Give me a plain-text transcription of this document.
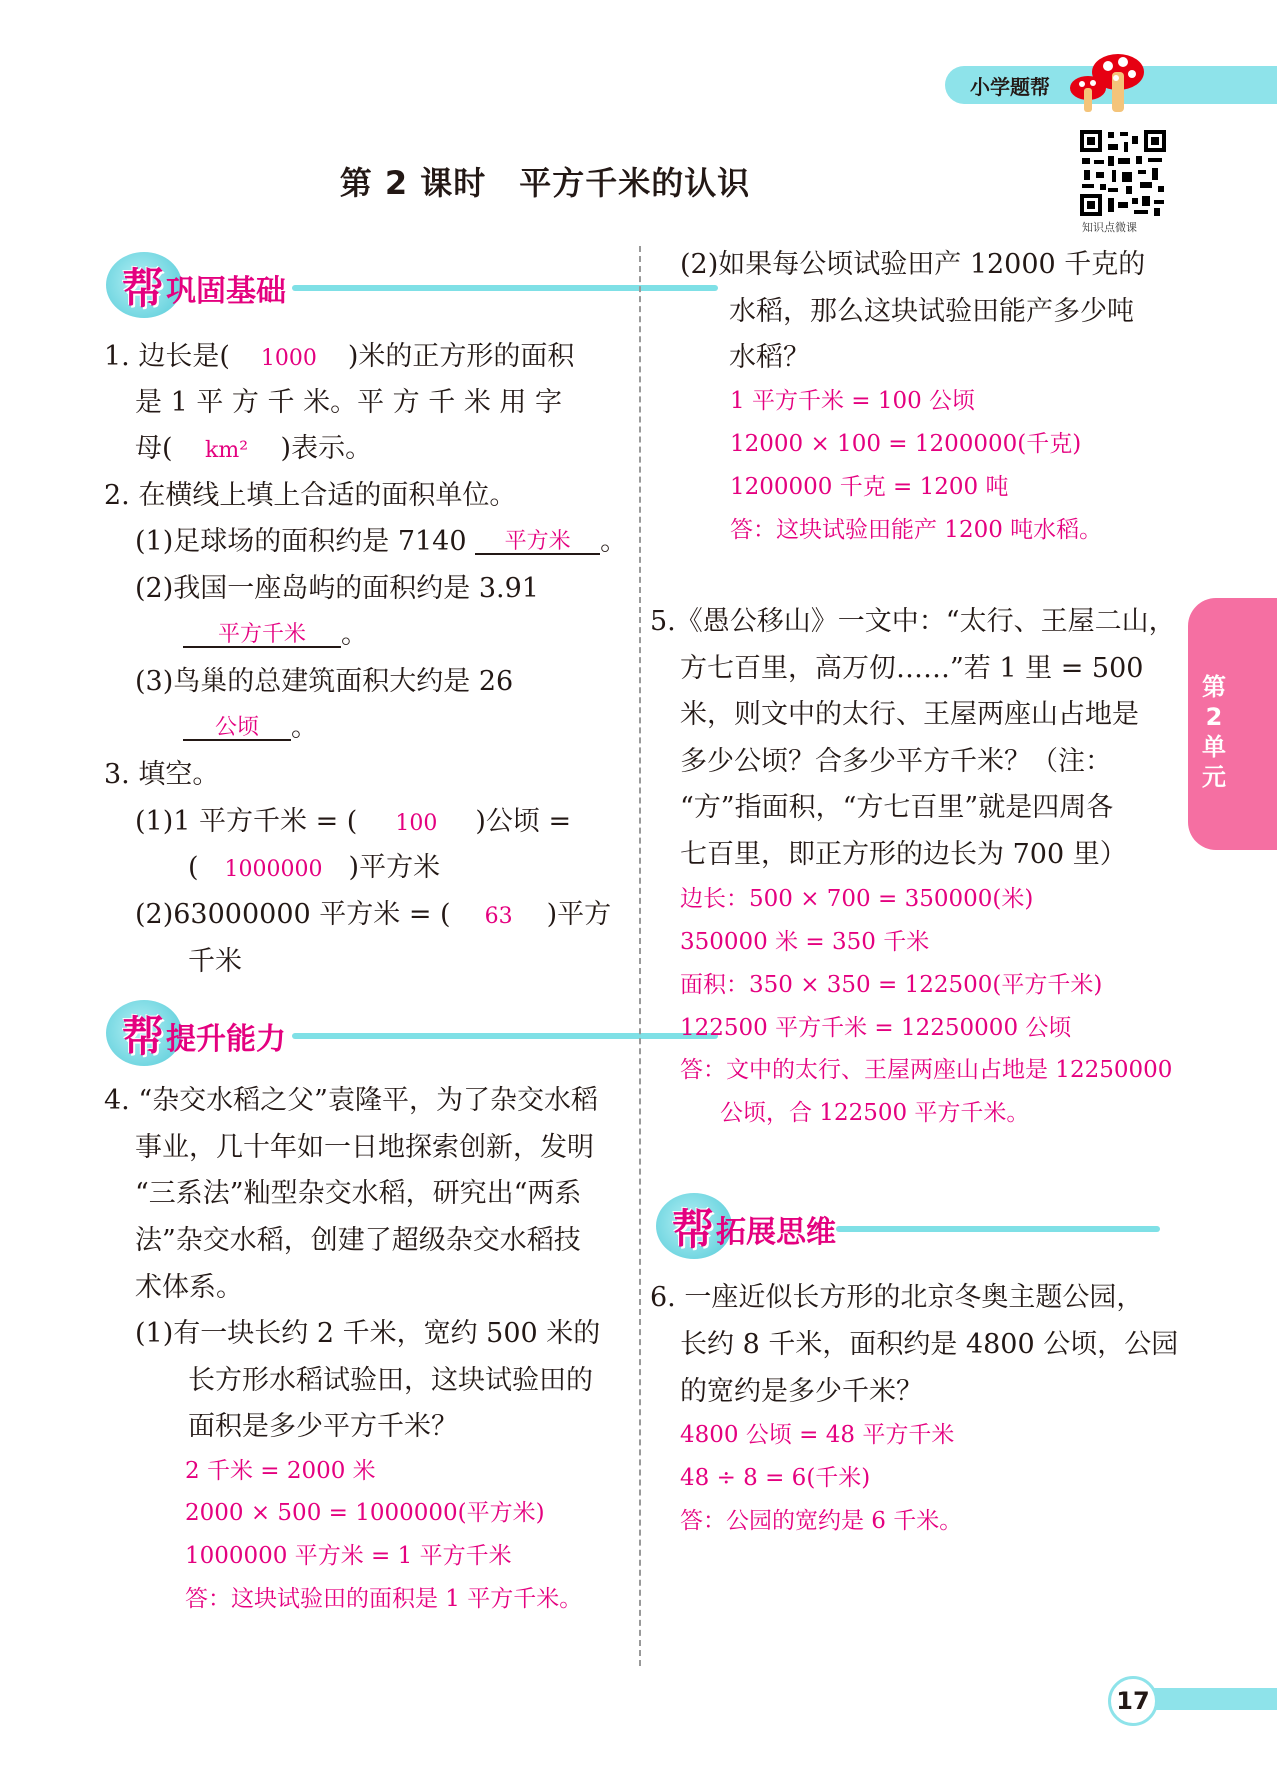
小学题帮
第 2 课时　平方千米的认识
知识点微课
帮 巩固基础
1. 边长是( 1000 )米的正方形的面积
是 1 平 方 千 米。平 方 千 米 用 字
母( km² )表示。
2. 在横线上填上合适的面积单位。
(1)足球场的面积约是 7140 平方米 。
(2)我国一座岛屿的面积约是 3.91
平方千米 。
(3)鸟巢的总建筑面积大约是 26
公顷 。
3. 填空。
(1)1 平方千米 = ( 100 )公顷 =
( 1000000 )平方米
(2)63000000 平方米 = ( 63 )平方
千米
帮 提升能力
4. “杂交水稻之父”袁隆平，为了杂交水稻
事业，几十年如一日地探索创新，发明
“三系法”籼型杂交水稻，研究出“两系
法”杂交水稻，创建了超级杂交水稻技
术体系。
(1)有一块长约 2 千米，宽约 500 米的
长方形水稻试验田，这块试验田的
面积是多少平方千米？
2 千米 = 2000 米
2000 × 500 = 1000000(平方米)
1000000 平方米 = 1 平方千米
答：这块试验田的面积是 1 平方千米。
(2)如果每公顷试验田产 12000 千克的
水稻，那么这块试验田能产多少吨
水稻？
1 平方千米 = 100 公顷
12000 × 100 = 1200000(千克)
1200000 千克 = 1200 吨
答：这块试验田能产 1200 吨水稻。
5.《愚公移山》一文中：“太行、王屋二山，
方七百里，高万仞……”若 1 里 = 500
米，则文中的太行、王屋两座山占地是
多少公顷？合多少平方千米？（注：
“方”指面积，“方七百里”就是四周各
七百里，即正方形的边长为 700 里）
边长：500 × 700 = 350000(米)
350000 米 = 350 千米
面积：350 × 350 = 122500(平方千米)
122500 平方千米 = 12250000 公顷
答：文中的太行、王屋两座山占地是 12250000
公顷，合 122500 平方千米。
帮 拓展思维
6. 一座近似长方形的北京冬奥主题公园，
长约 8 千米，面积约是 4800 公顷，公园
的宽约是多少千米？
4800 公顷 = 48 平方千米
48 ÷ 8 = 6(千米)
答：公园的宽约是 6 千米。
第2单元
17
